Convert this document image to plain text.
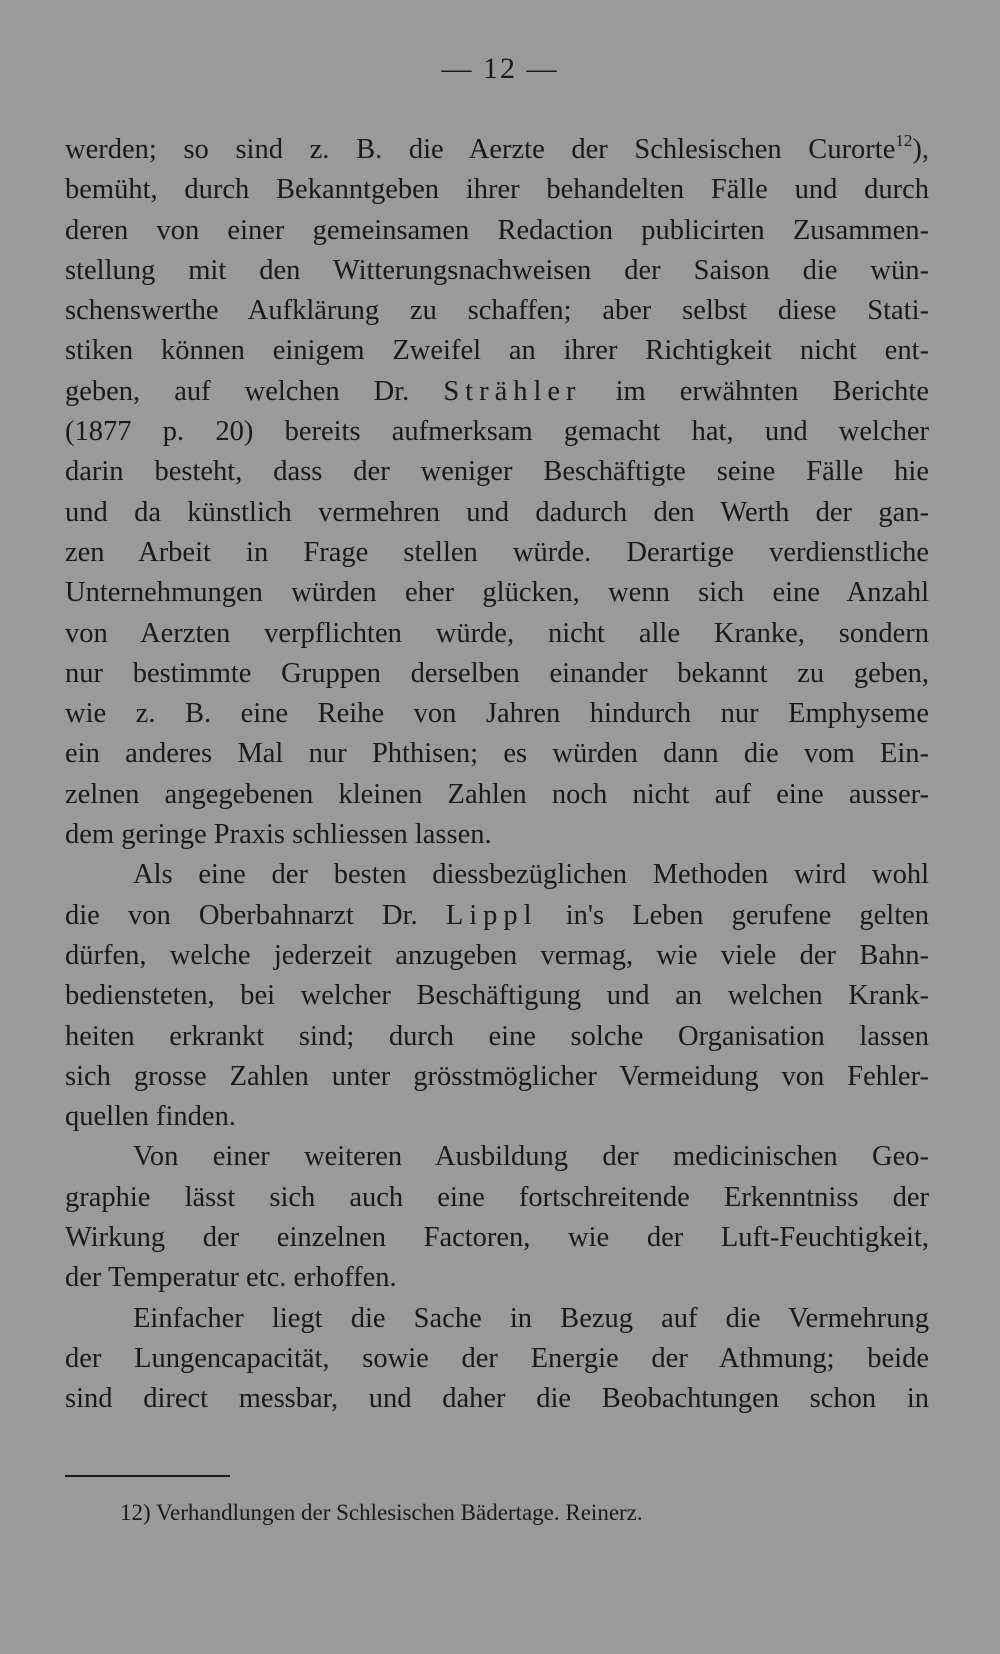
— 12 —
werden; so sind z. B. die Aerzte der Schlesischen Curorte$^{12}$),
bemüht, durch Bekanntgeben ihrer behandelten Fälle und durch
deren von einer gemeinsamen Redaction publicirten Zusammen-
stellung mit den Witterungsnachweisen der Saison die wün-
schenswerthe Aufklärung zu schaffen; aber selbst diese Stati-
stiken können einigem Zweifel an ihrer Richtigkeit nicht ent-
geben, auf welchen Dr. Strähler im erwähnten Berichte
(1877 p. 20) bereits aufmerksam gemacht hat, und welcher
darin besteht, dass der weniger Beschäftigte seine Fälle hie
und da künstlich vermehren und dadurch den Werth der gan-
zen Arbeit in Frage stellen würde. Derartige verdienstliche
Unternehmungen würden eher glücken, wenn sich eine Anzahl
von Aerzten verpflichten würde, nicht alle Kranke, sondern
nur bestimmte Gruppen derselben einander bekannt zu geben,
wie z. B. eine Reihe von Jahren hindurch nur Emphyseme
ein anderes Mal nur Phthisen; es würden dann die vom Ein-
zelnen angegebenen kleinen Zahlen noch nicht auf eine ausser-
dem geringe Praxis schliessen lassen.
Als eine der besten diessbezüglichen Methoden wird wohl
die von Oberbahnarzt Dr. Lippl in's Leben gerufene gelten
dürfen, welche jederzeit anzugeben vermag, wie viele der Bahn-
bediensteten, bei welcher Beschäftigung und an welchen Krank-
heiten erkrankt sind; durch eine solche Organisation lassen
sich grosse Zahlen unter grösstmöglicher Vermeidung von Fehler-
quellen finden.
Von einer weiteren Ausbildung der medicinischen Geo-
graphie lässt sich auch eine fortschreitende Erkenntniss der
Wirkung der einzelnen Factoren, wie der Luft-Feuchtigkeit,
der Temperatur etc. erhoffen.
Einfacher liegt die Sache in Bezug auf die Vermehrung
der Lungencapacität, sowie der Energie der Athmung; beide
sind direct messbar, und daher die Beobachtungen schon in
12) Verhandlungen der Schlesischen Bädertage. Reinerz.
